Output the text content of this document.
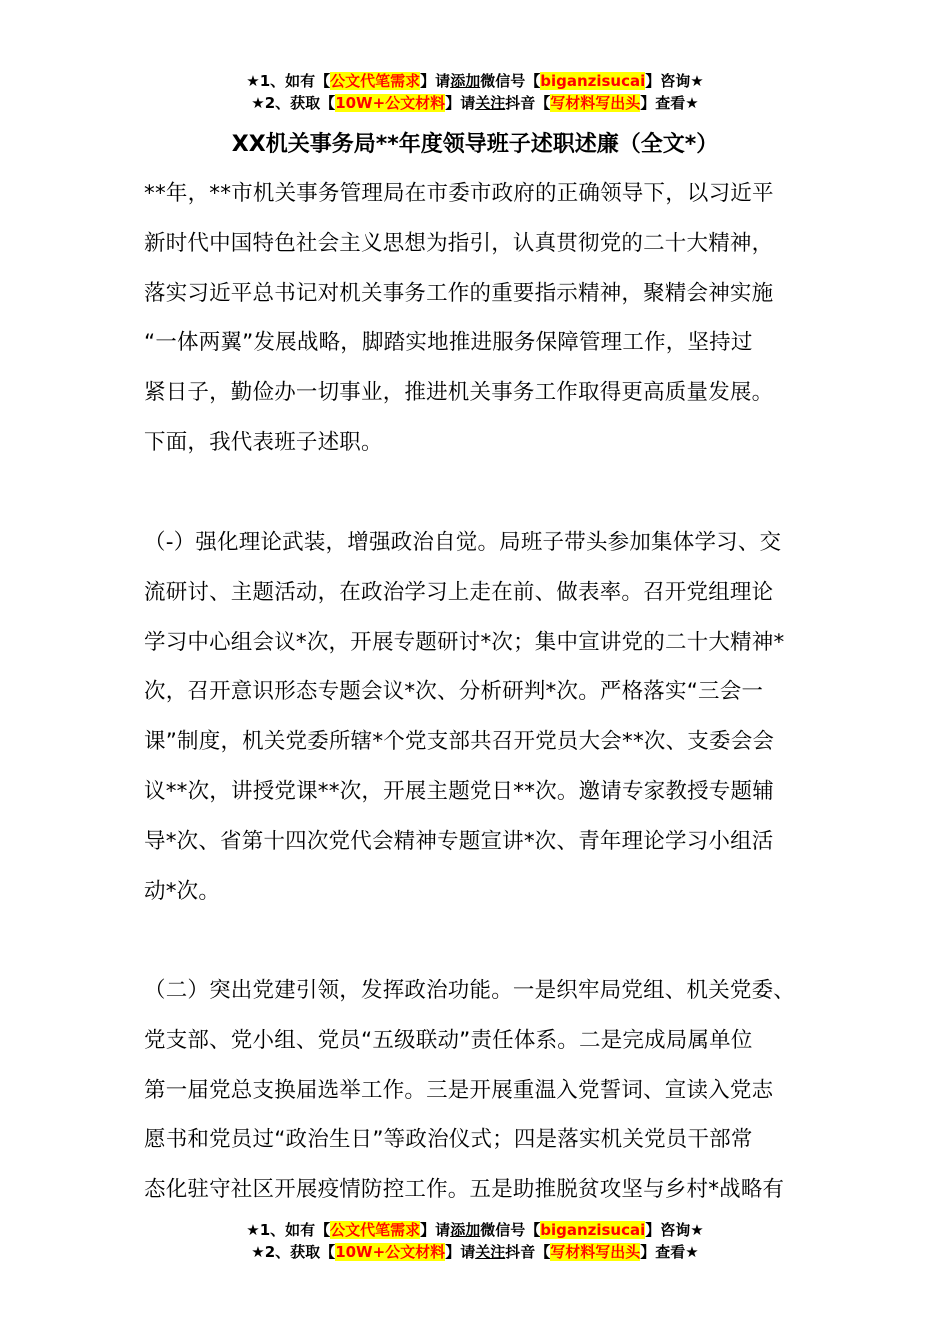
★1、如有【公文代笔需求】请添加微信号【biganzisucai】咨询★
★2、获取【10W+公文材料】请关注抖音【写材料写出头】查看★
XX机关事务局**年度领导班子述职述廉（全文*）
**年，**市机关事务管理局在市委市政府的正确领导下，以习近平
新时代中国特色社会主义思想为指引，认真贯彻党的二十大精神，
落实习近平总书记对机关事务工作的重要指示精神，聚精会神实施
“一体两翼”发展战略，脚踏实地推进服务保障管理工作，坚持过
紧日子，勤俭办一切事业，推进机关事务工作取得更高质量发展。
下面，我代表班子述职。
（-）强化理论武装，增强政治自觉。局班子带头参加集体学习、交
流研讨、主题活动，在政治学习上走在前、做表率。召开党组理论
学习中心组会议*次，开展专题研讨*次；集中宣讲党的二十大精神*
次，召开意识形态专题会议*次、分析研判*次。严格落实“三会一
课”制度，机关党委所辖*个党支部共召开党员大会**次、支委会会
议**次，讲授党课**次，开展主题党日**次。邀请专家教授专题辅
导*次、省第十四次党代会精神专题宣讲*次、青年理论学习小组活
动*次。
（二）突出党建引领，发挥政治功能。一是织牢局党组、机关党委、
党支部、党小组、党员“五级联动”责任体系。二是完成局属单位
第一届党总支换届选举工作。三是开展重温入党誓词、宣读入党志
愿书和党员过“政治生日”等政治仪式；四是落实机关党员干部常
态化驻守社区开展疫情防控工作。五是助推脱贫攻坚与乡村*战略有
★1、如有【公文代笔需求】请添加微信号【biganzisucai】咨询★
★2、获取【10W+公文材料】请关注抖音【写材料写出头】查看★
